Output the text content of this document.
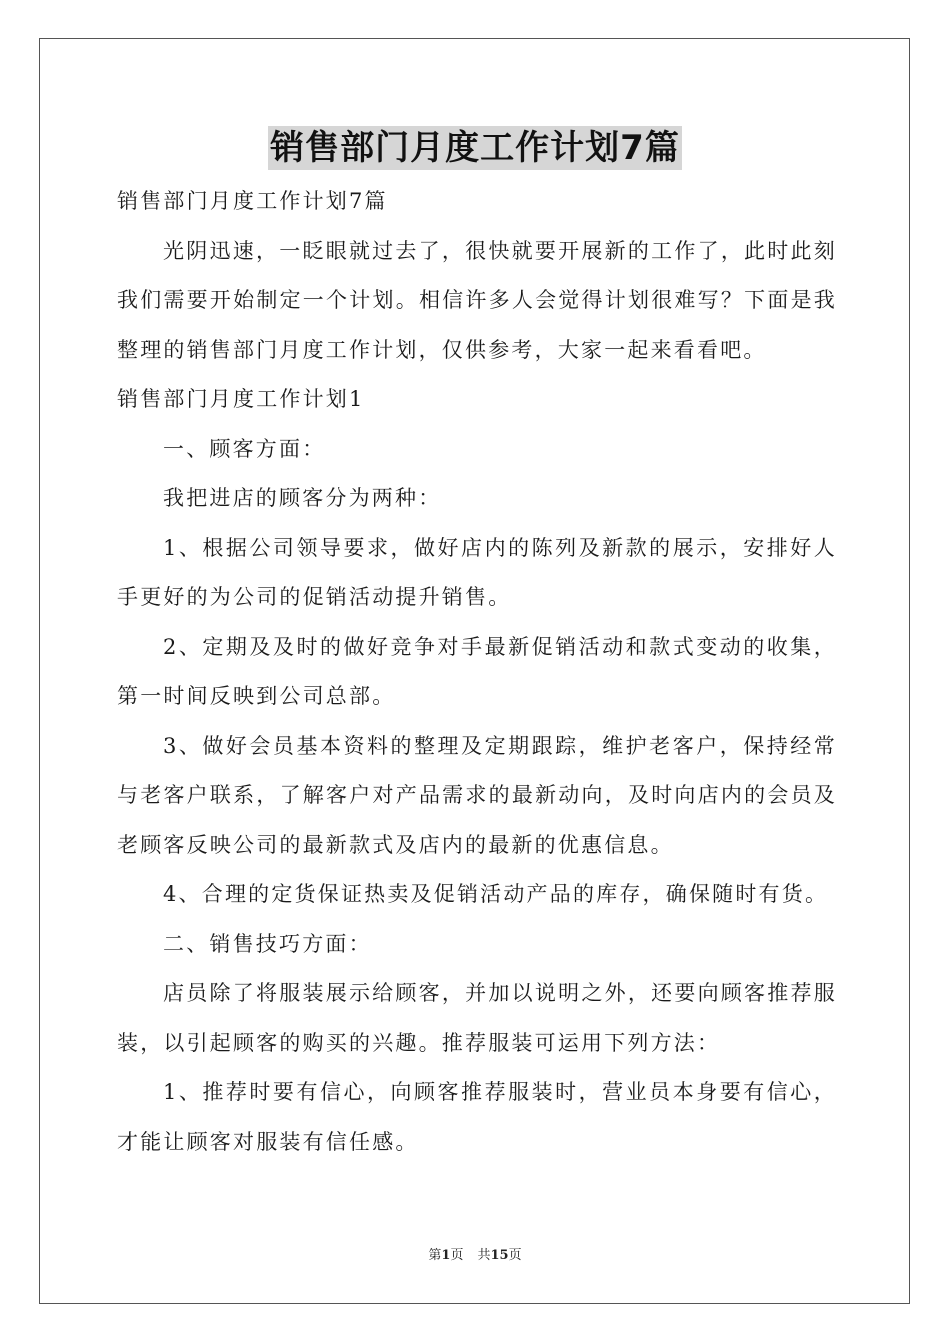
销售部门月度工作计划7篇

销售部门月度工作计划7篇

光阴迅速，一眨眼就过去了，很快就要开展新的工作了，此时此刻我们需要开始制定一个计划。相信许多人会觉得计划很难写？下面是我整理的销售部门月度工作计划，仅供参考，大家一起来看看吧。

销售部门月度工作计划1

一、顾客方面：

我把进店的顾客分为两种：

1、根据公司领导要求，做好店内的陈列及新款的展示，安排好人手更好的为公司的促销活动提升销售。

2、定期及及时的做好竞争对手最新促销活动和款式变动的收集，第一时间反映到公司总部。

3、做好会员基本资料的整理及定期跟踪，维护老客户，保持经常与老客户联系，了解客户对产品需求的最新动向，及时向店内的会员及老顾客反映公司的最新款式及店内的最新的优惠信息。

4、合理的定货保证热卖及促销活动产品的库存，确保随时有货。

二、销售技巧方面：

店员除了将服装展示给顾客，并加以说明之外，还要向顾客推荐服装，以引起顾客的购买的兴趣。推荐服装可运用下列方法：

1、推荐时要有信心，向顾客推荐服装时，营业员本身要有信心，才能让顾客对服装有信任感。

第1页 共15页
